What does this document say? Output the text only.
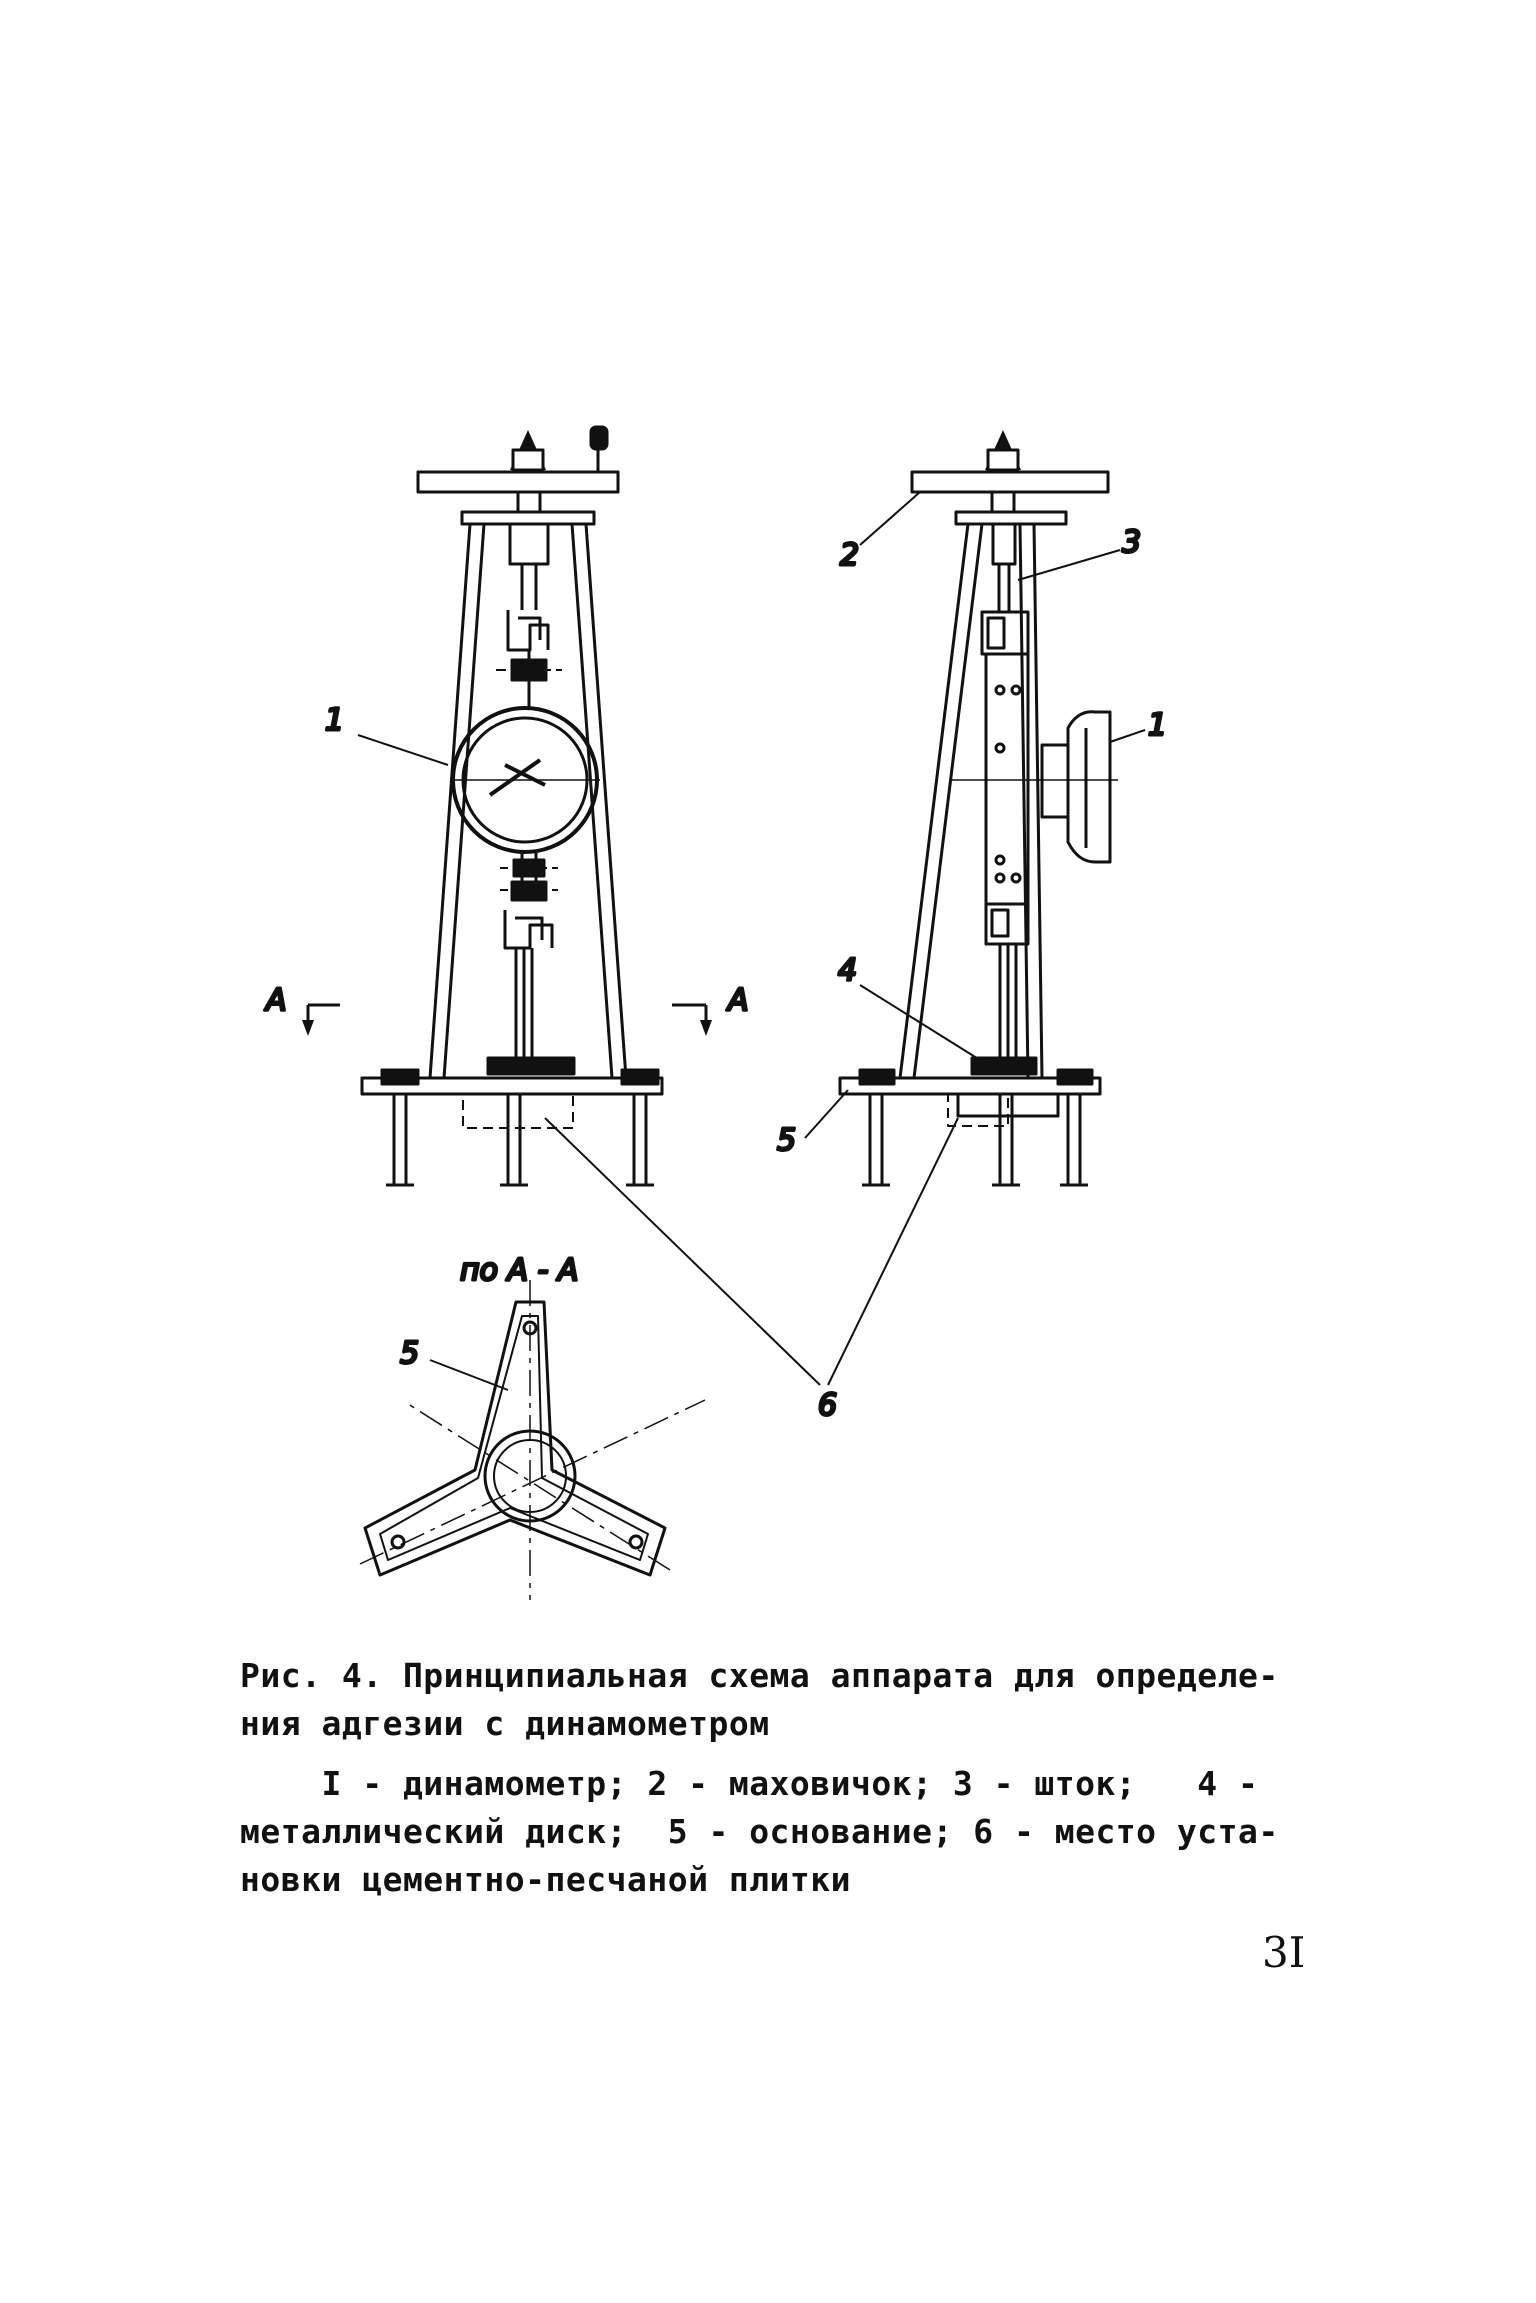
1
2	3
1
4
5
6
5
A	A
по А - А
Рис. 4. Принципиальная схема аппарата для определе-
ния адгезии с динамометром
I - динамометр; 2 - маховичок; 3 - шток;   4 -
металлический диск;  5 - основание; 6 - место уста-
новки цементно-песчаной плитки
3I
